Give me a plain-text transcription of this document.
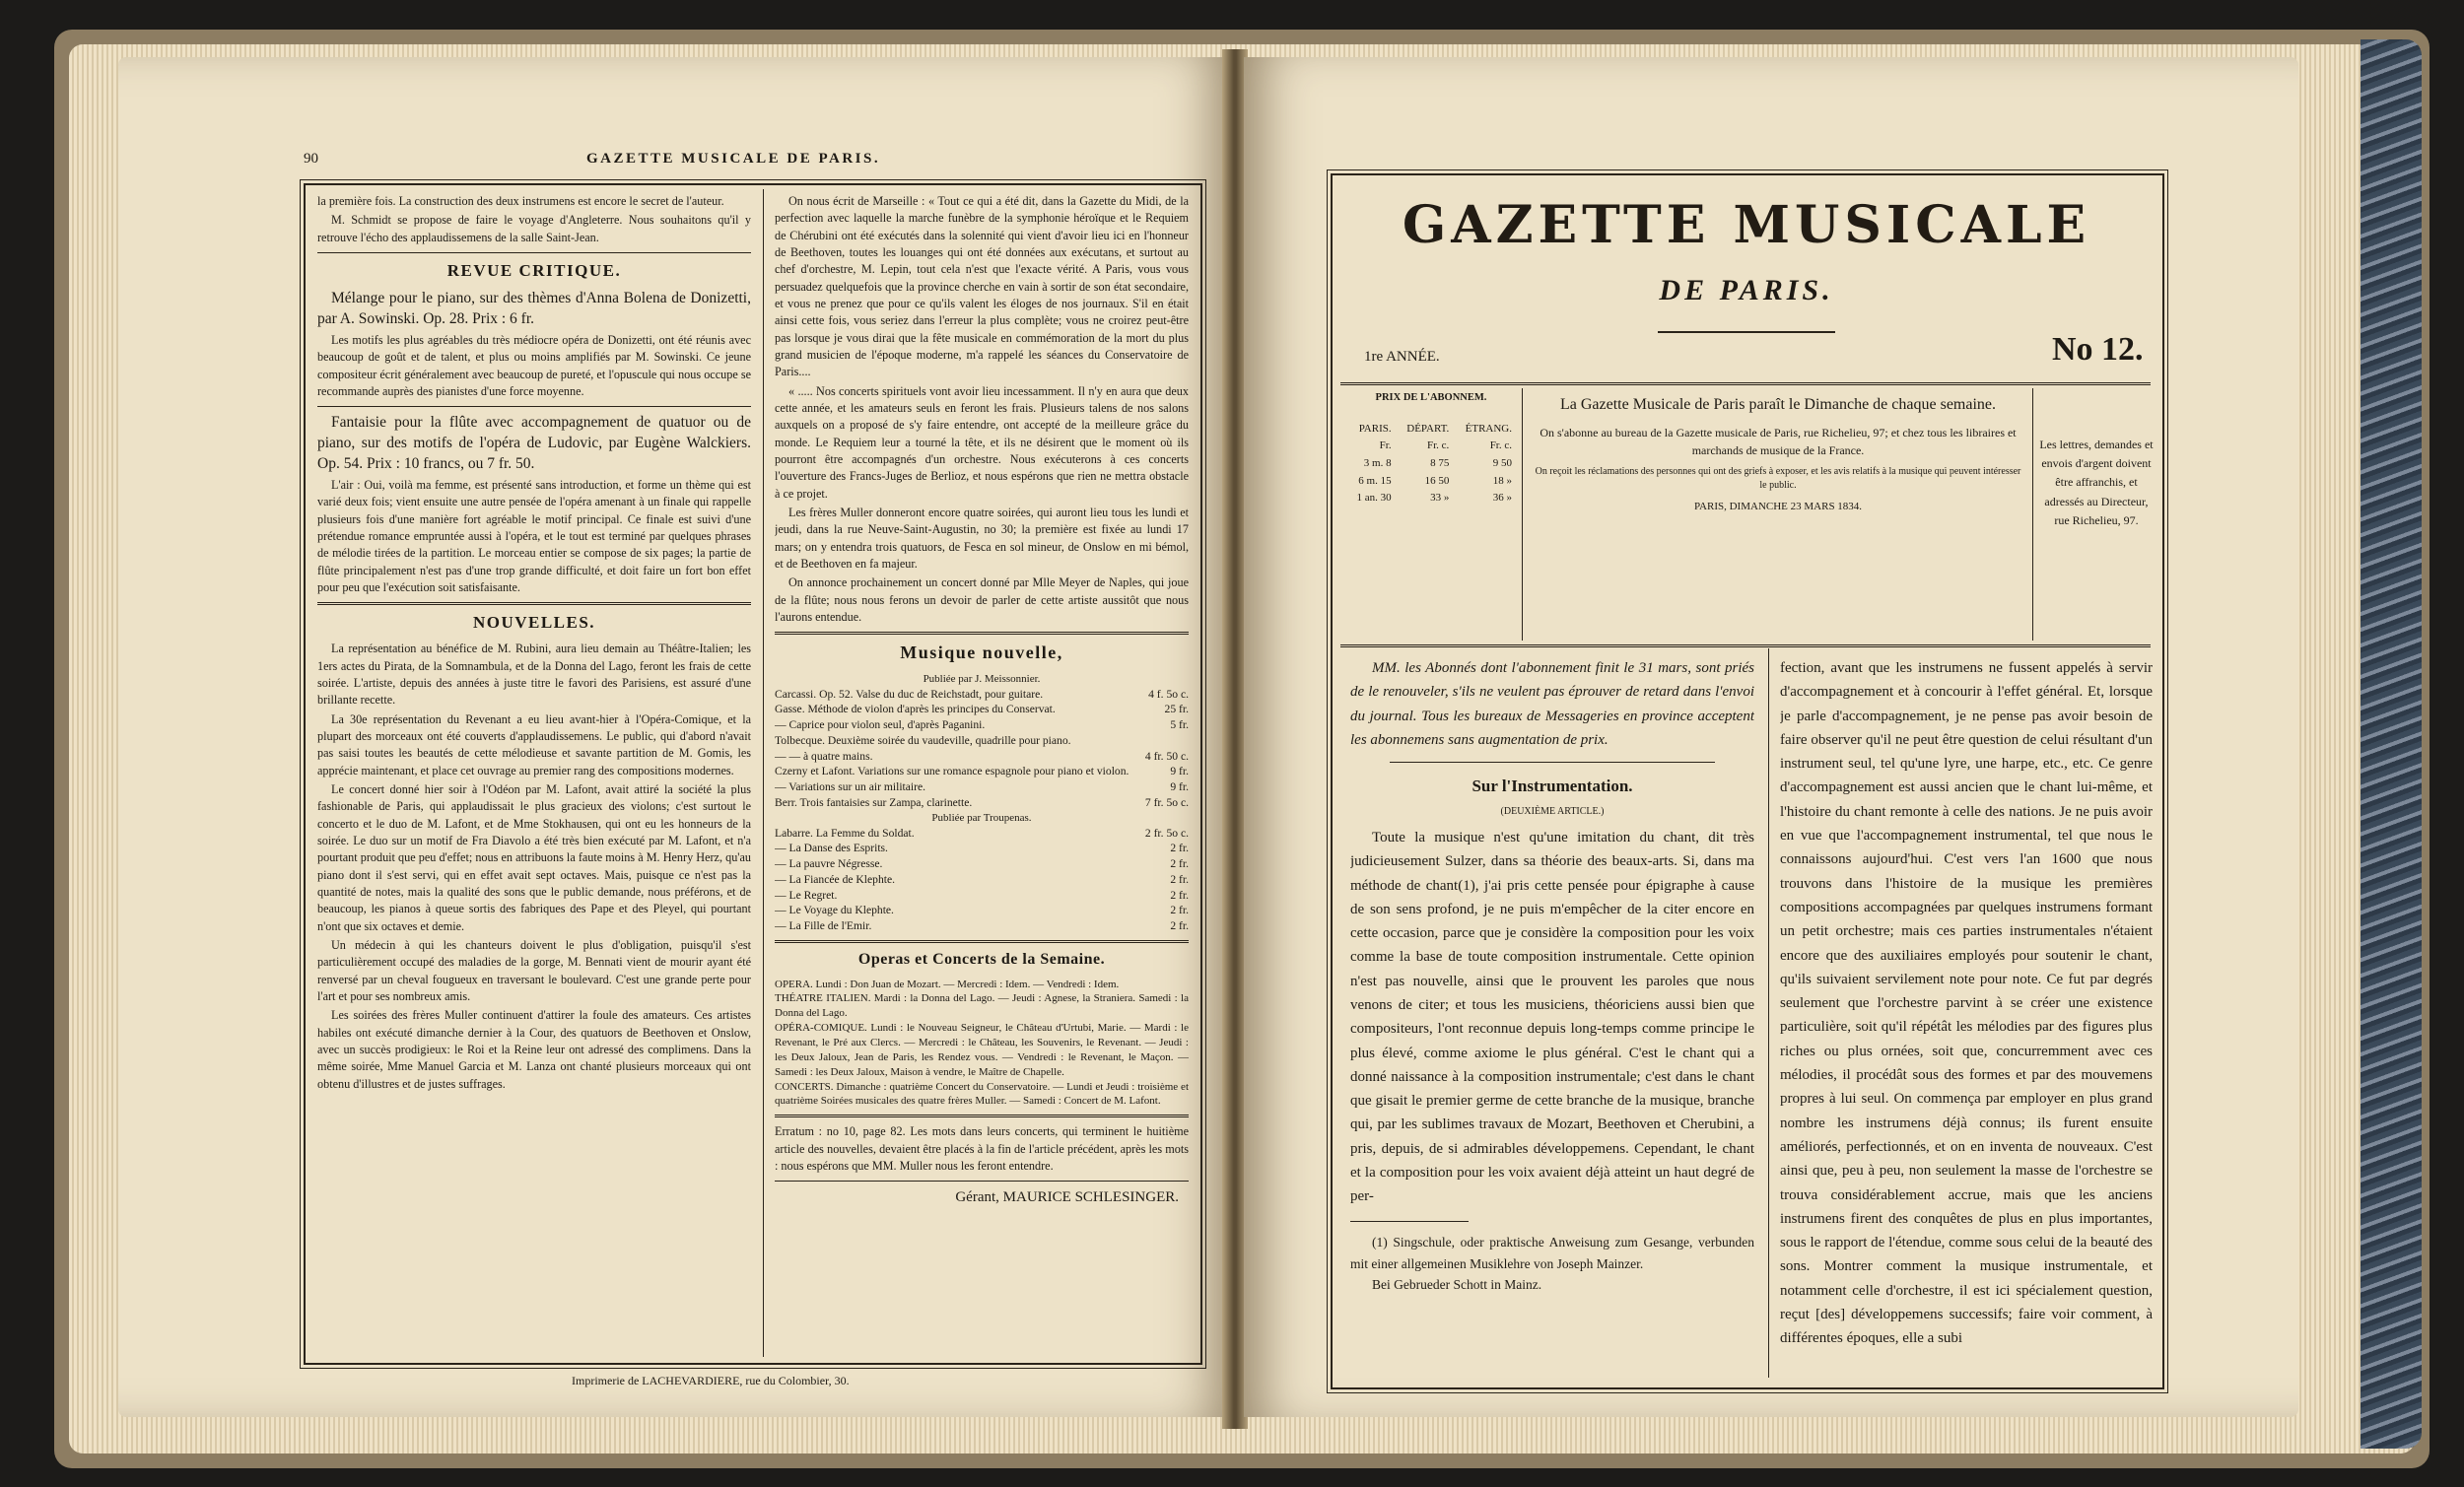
90	GAZETTE MUSICALE DE PARIS.

la première fois. La construction des deux instrumens est encore le secret de l'auteur.

M. Schmidt se propose de faire le voyage d'Angleterre. Nous souhaitons qu'il y retrouve l'écho des applaudissemens de la salle Saint-Jean.

REVUE CRITIQUE.

Mélange pour le piano, sur des thèmes d'Anna Bolena de Donizetti, par A. Sowinski. Op. 28. Prix : 6 fr.

Les motifs les plus agréables du très médiocre opéra de Donizetti, ont été réunis avec beaucoup de goût et de talent, et plus ou moins amplifiés par M. Sowinski. Ce jeune compositeur écrit généralement avec beaucoup de pureté, et l'opuscule qui nous occupe se recommande auprès des pianistes d'une force moyenne.

Fantaisie pour la flûte avec accompagnement de quatuor ou de piano, sur des motifs de l'opéra de Ludovic, par Eugène Walckiers. Op. 54. Prix : 10 francs, ou 7 fr. 50.

L'air : Oui, voilà ma femme, est présenté sans introduction, et forme un thème qui est varié deux fois; vient ensuite une autre pensée de l'opéra amenant à un finale qui rappelle plusieurs fois d'une manière fort agréable le motif principal. Ce finale est suivi d'une prétendue romance empruntée aussi à l'opéra, et le tout est terminé par quelques phrases de mélodie tirées de la partition. Le morceau entier se compose de six pages; la partie de flûte principalement n'est pas d'une trop grande difficulté, et doit faire un fort bon effet pour peu que l'exécution soit satisfaisante.

NOUVELLES.

La représentation au bénéfice de M. Rubini, aura lieu demain au Théâtre-Italien; les 1ers actes du Pirata, de la Somnambula, et de la Donna del Lago, feront les frais de cette soirée. L'artiste, depuis des années à juste titre le favori des Parisiens, est assuré d'une brillante recette.

La 30e représentation du Revenant a eu lieu avant-hier à l'Opéra-Comique, et la plupart des morceaux ont été couverts d'applaudissemens. Le public, qui d'abord n'avait pas saisi toutes les beautés de cette mélodieuse et savante partition de M. Gomis, les apprécie maintenant, et place cet ouvrage au premier rang des compositions modernes.

Le concert donné hier soir à l'Odéon par M. Lafont, avait attiré la société la plus fashionable de Paris, qui applaudissait le plus gracieux des violons; c'est surtout le concerto et le duo de M. Lafont, et de Mme Stokhausen, qui ont eu les honneurs de la soirée. Le duo sur un motif de Fra Diavolo a été très bien exécuté par M. Lafont, et n'a pourtant produit que peu d'effet; nous en attribuons la faute moins à M. Henry Herz, qu'au piano dont il s'est servi, qui en effet avait sept octaves. Mais, puisque ce n'est pas la quantité de notes, mais la qualité des sons que le public demande, nous préférons, et de beaucoup, les pianos à queue sortis des fabriques des Pape et des Pleyel, qui pourtant n'ont que six octaves et demie.

Un médecin à qui les chanteurs doivent le plus d'obligation, puisqu'il s'est particulièrement occupé des maladies de la gorge, M. Bennati vient de mourir ayant été renversé par un cheval fougueux en traversant le boulevard. C'est une grande perte pour l'art et pour ses nombreux amis.

Les soirées des frères Muller continuent d'attirer la foule des amateurs. Ces artistes habiles ont exécuté dimanche dernier à la Cour, des quatuors de Beethoven et Onslow, avec un succès prodigieux: le Roi et la Reine leur ont adressé des complimens. Dans la même soirée, Mme Manuel Garcia et M. Lanza ont chanté plusieurs morceaux qui ont obtenu d'illustres et de justes suffrages.

On nous écrit de Marseille : « Tout ce qui a été dit, dans la Gazette du Midi, de la perfection avec laquelle la marche funèbre de la symphonie héroïque et le Requiem de Chérubini ont été exécutés dans la solennité qui vient d'avoir lieu ici en l'honneur de Beethoven, toutes les louanges qui ont été données aux exécutans, et surtout au chef d'orchestre, M. Lepin, tout cela n'est que l'exacte vérité. A Paris, vous vous persuadez quelquefois que la province cherche en vain à sortir de son état secondaire, et vous ne prenez que pour ce qu'ils valent les éloges de nos journaux. S'il en était ainsi cette fois, vous seriez dans l'erreur la plus complète; vous ne croirez peut-être pas lorsque je vous dirai que la fête musicale en commémoration de la mort du plus grand musicien de l'époque moderne, m'a rappelé les séances du Conservatoire de Paris....

« ..... Nos concerts spirituels vont avoir lieu incessamment. Il n'y en aura que deux cette année, et les amateurs seuls en feront les frais. Plusieurs talens de nos salons auxquels on a proposé de s'y faire entendre, ont accepté de la meilleure grâce du monde. Le Requiem leur a tourné la tête, et ils ne désirent que le moment où ils pourront être accompagnés d'un orchestre. Nous exécuterons à ces concerts l'ouverture des Francs-Juges de Berlioz, et nous espérons que rien ne mettra obstacle à ce projet.

Les frères Muller donneront encore quatre soirées, qui auront lieu tous les lundi et jeudi, dans la rue Neuve-Saint-Augustin, no 30; la première est fixée au lundi 17 mars; on y entendra trois quatuors, de Fesca en sol mineur, de Onslow en mi bémol, et de Beethoven en fa majeur.

On annonce prochainement un concert donné par Mlle Meyer de Naples, qui joue de la flûte; nous nous ferons un devoir de parler de cette artiste aussitôt que nous l'aurons entendue.

Musique nouvelle,
Publiée par J. Meissonnier.
Carcassi. Op. 52. Valse du duc de Reichstadt, pour guitare.	4 f. 5o c.
Gasse. Méthode de violon d'après les principes du Conservat.	25 fr.
— Caprice pour violon seul, d'après Paganini.	5 fr.
Tolbecque. Deuxième soirée du vaudeville, quadrille pour piano.
— — à quatre mains.	4 fr. 50 c.
Czerny et Lafont. Variations sur une romance espagnole pour piano et violon.	9 fr.
— Variations sur un air militaire.	9 fr.
Berr. Trois fantaisies sur Zampa, clarinette.	7 fr. 5o c.
Publiée par Troupenas.
Labarre. La Femme du Soldat.	2 fr. 5o c.
— La Danse des Esprits.	2 fr.
— La pauvre Négresse.	2 fr.
— La Fiancée de Klephte.	2 fr.
— Le Regret.	2 fr.
— Le Voyage du Klephte.	2 fr.
— La Fille de l'Emir.	2 fr.
Operas et Concerts de la Semaine.
OPERA. Lundi : Don Juan de Mozart. — Mercredi : Idem. — Vendredi : Idem.
THÉATRE ITALIEN. Mardi : la Donna del Lago. — Jeudi : Agnese, la Straniera. Samedi : la Donna del Lago.
OPÉRA-COMIQUE. Lundi : le Nouveau Seigneur, le Château d'Urtubi, Marie. — Mardi : le Revenant, le Pré aux Clercs. — Mercredi : le Château, les Souvenirs, le Revenant. — Jeudi : les Deux Jaloux, Jean de Paris, les Rendez vous. — Vendredi : le Revenant, le Maçon. — Samedi : les Deux Jaloux, Maison à vendre, le Maître de Chapelle.
CONCERTS. Dimanche : quatrième Concert du Conservatoire. — Lundi et Jeudi : troisième et quatrième Soirées musicales des quatre frères Muller. — Samedi : Concert de M. Lafont.

Erratum : no 10, page 82. Les mots dans leurs concerts, qui terminent le huitième article des nouvelles, devaient être placés à la fin de l'article précédent, après les mots : nous espérons que MM. Muller nous les feront entendre.

Gérant, MAURICE SCHLESINGER.
Imprimerie de LACHEVARDIERE, rue du Colombier, 30.
GAZETTE MUSICALE
DE PARIS.
1re ANNÉE.	No 12.
PRIX DE L'ABONNEM.
PARIS.	DÉPART.	ÉTRANG.
Fr.	Fr. c.	Fr. c.
3 m. 8	8 75	9 50
6 m. 15	16 50	18 »
1 an. 30	33 »	36 »
La Gazette Musicale de Paris paraît le Dimanche de chaque semaine.
On s'abonne au bureau de la Gazette musicale de Paris, rue Richelieu, 97; et chez tous les libraires et marchands de musique de la France.
On reçoit les réclamations des personnes qui ont des griefs à exposer, et les avis relatifs à la musique qui peuvent intéresser le public.
PARIS, DIMANCHE 23 MARS 1834.
Les lettres, demandes et envois d'argent doivent être affranchis, et adressés au Directeur, rue Richelieu, 97.

MM. les Abonnés dont l'abonnement finit le 31 mars, sont priés de le renouveler, s'ils ne veulent pas éprouver de retard dans l'envoi du journal. Tous les bureaux de Messageries en province acceptent les abonnemens sans augmentation de prix.

Sur l'Instrumentation.
(DEUXIÈME ARTICLE.)

Toute la musique n'est qu'une imitation du chant, dit très judicieusement Sulzer, dans sa théorie des beaux-arts. Si, dans ma méthode de chant(1), j'ai pris cette pensée pour épigraphe à cause de son sens profond, je ne puis m'empêcher de la citer encore en cette occasion, parce que je considère la composition pour les voix comme la base de toute composition instrumentale. Cette opinion n'est pas nouvelle, ainsi que le prouvent les paroles que nous venons de citer; et tous les musiciens, théoriciens aussi bien que compositeurs, l'ont reconnue depuis long-temps comme principe le plus élevé, comme axiome le plus général. C'est le chant qui a donné naissance à la composition instrumentale; c'est dans le chant que gisait le premier germe de cette branche de la musique, branche qui, par les sublimes travaux de Mozart, Beethoven et Cherubini, a pris, depuis, de si admirables développemens. Cependant, le chant et la composition pour les voix avaient déjà atteint un haut degré de per-

(1) Singschule, oder praktische Anweisung zum Gesange, verbunden mit einer allgemeinen Musiklehre von Joseph Mainzer.

Bei Gebrueder Schott in Mainz.

fection, avant que les instrumens ne fussent appelés à servir d'accompagnement et à concourir à l'effet général. Et, lorsque je parle d'accompagnement, je ne pense pas avoir besoin de faire observer qu'il ne peut être question de celui résultant d'un instrument seul, tel qu'une lyre, une harpe, etc., etc. Ce genre d'accompagnement est aussi ancien que le chant lui-même, et l'histoire du chant remonte à celle des nations. Je ne puis avoir en vue que l'accompagnement instrumental, tel que nous le connaissons aujourd'hui. C'est vers l'an 1600 que nous trouvons dans l'histoire de la musique les premières compositions accompagnées par quelques instrumens formant un petit orchestre; mais ces parties instrumentales n'étaient encore que des auxiliaires employés pour soutenir le chant, qu'ils suivaient servilement note pour note. Ce fut par degrés seulement que l'orchestre parvint à se créer une existence particulière, soit qu'il répétât les mélodies par des figures plus riches ou plus ornées, soit que, concurremment avec ces mélodies, il procédât sous des formes et par des mouvemens propres à lui seul. On commença par employer en plus grand nombre les instrumens déjà connus; ils furent ensuite améliorés, perfectionnés, et on en inventa de nouveaux. C'est ainsi que, peu à peu, non seulement la masse de l'orchestre se trouva considérablement accrue, mais que les anciens instrumens firent des conquêtes de plus en plus importantes, sous le rapport de l'étendue, comme sous celui de la beauté des sons. Montrer comment la musique instrumentale, et notamment celle d'orchestre, il est ici spécialement question, reçut [des] développemens successifs; faire voir comment, à différentes époques, elle a subi
